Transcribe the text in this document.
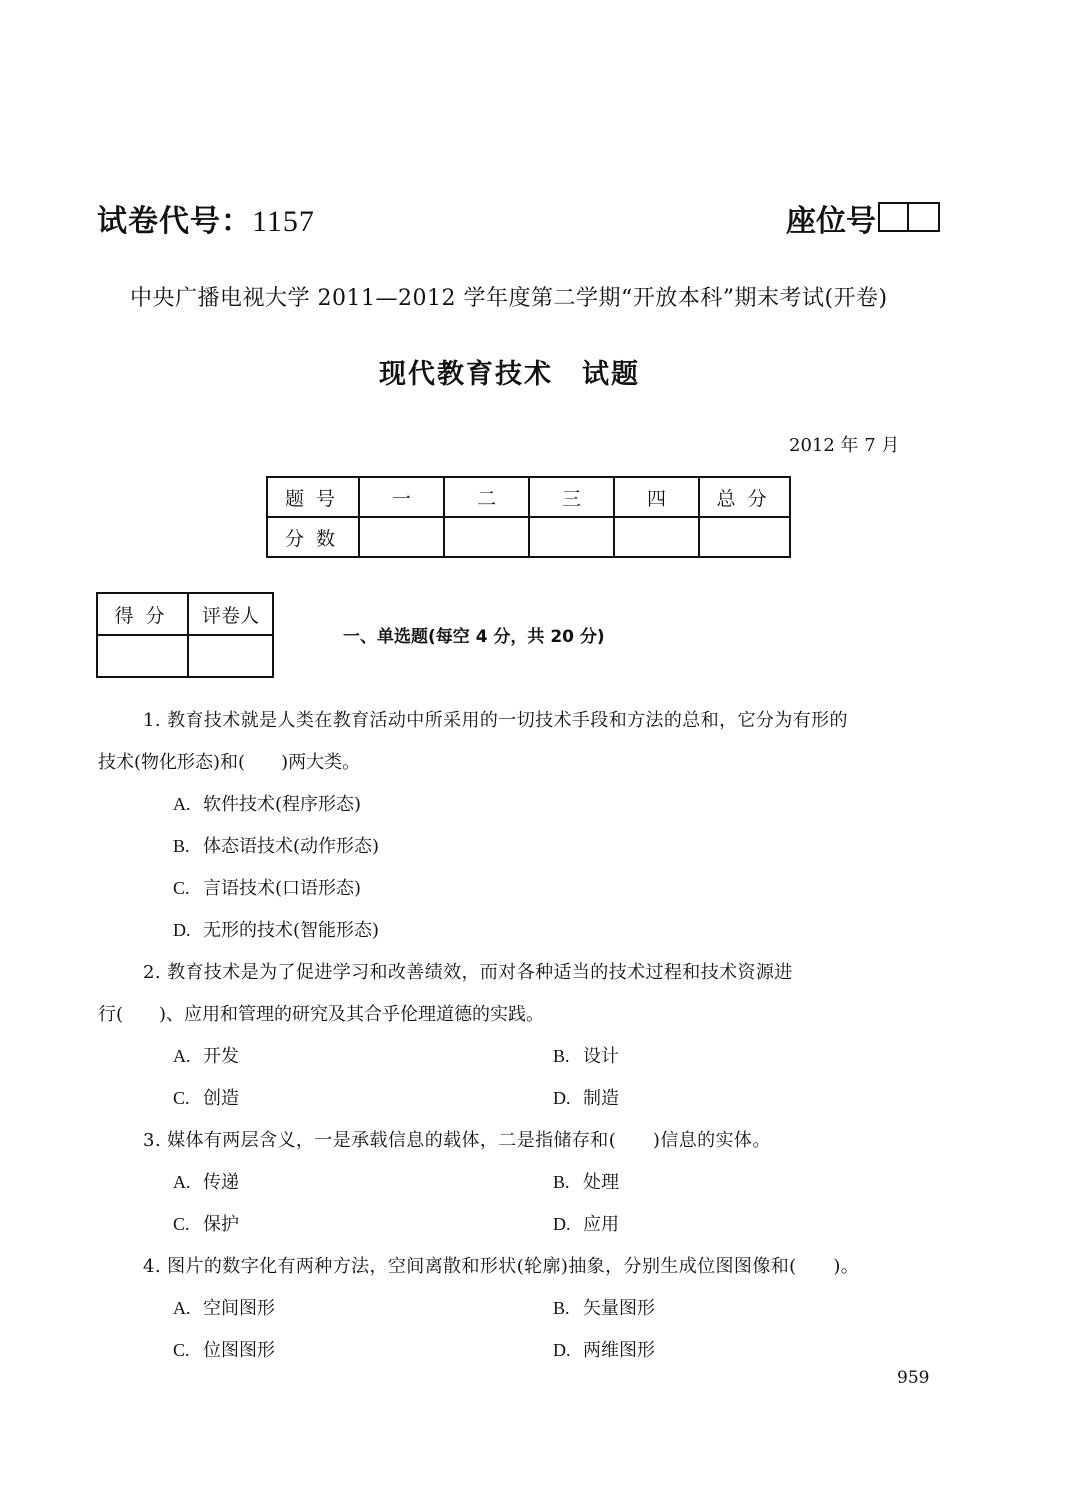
试卷代号：1157	座位号
中央广播电视大学 2011—2012 学年度第二学期“开放本科”期末考试(开卷)
现代教育技术　试题
2012 年 7 月
题号	一	二	三	四	总分
分数					
得分	评卷人

一、单选题(每空 4 分，共 20 分)
1. 教育技术就是人类在教育活动中所采用的一切技术手段和方法的总和，它分为有形的
技术(物化形态)和(　　)两大类。
A. 软件技术(程序形态)
B. 体态语技术(动作形态)
C. 言语技术(口语形态)
D. 无形的技术(智能形态)
2. 教育技术是为了促进学习和改善绩效，而对各种适当的技术过程和技术资源进
行(　　)、应用和管理的研究及其合乎伦理道德的实践。
A. 开发	B. 设计
C. 创造	D. 制造
3. 媒体有两层含义，一是承载信息的载体，二是指储存和(　　)信息的实体。
A. 传递	B. 处理
C. 保护	D. 应用
4. 图片的数字化有两种方法，空间离散和形状(轮廓)抽象，分别生成位图图像和(　　)。
A. 空间图形	B. 矢量图形
C. 位图图形	D. 两维图形
959
